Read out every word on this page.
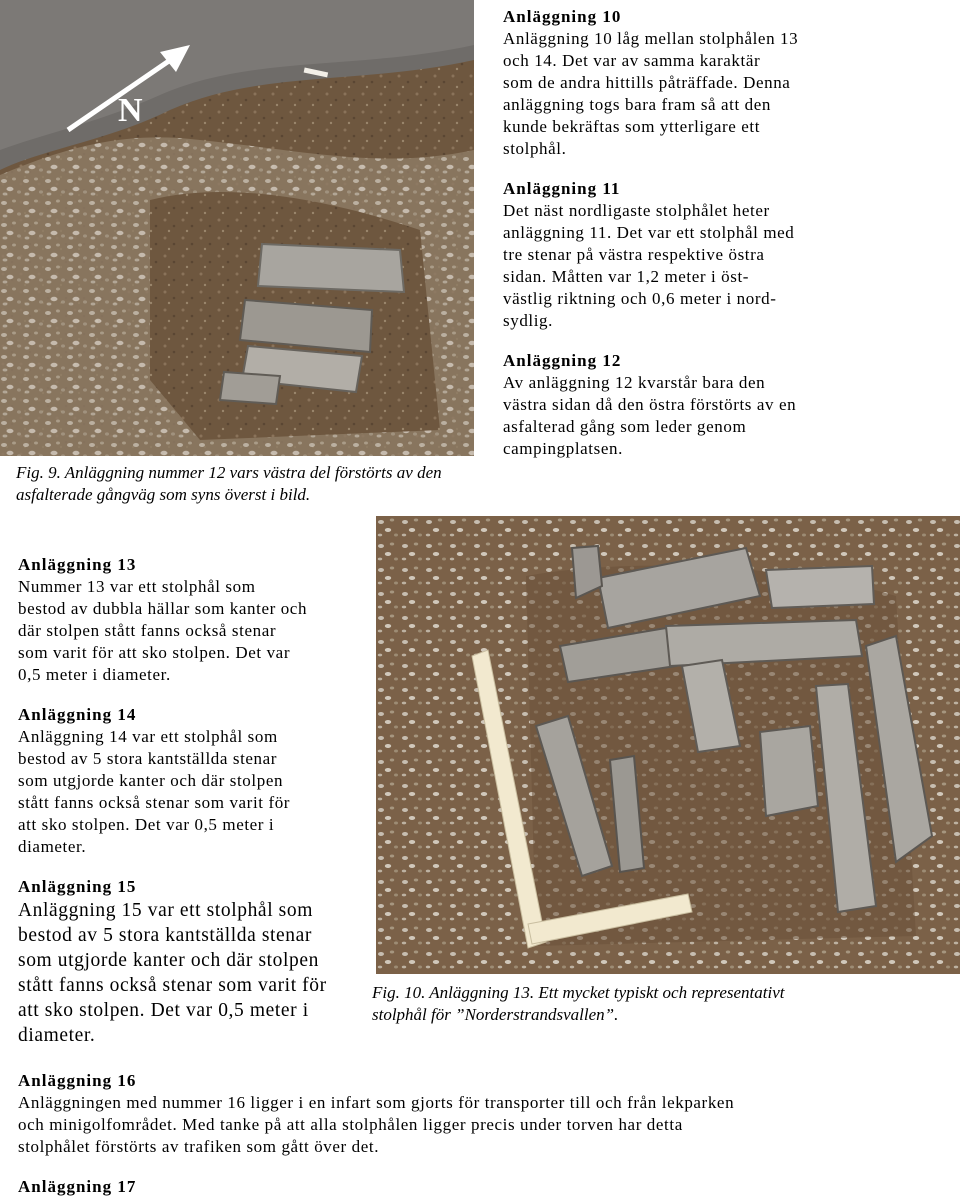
N
Fig. 9. Anläggning nummer 12 vars västra del förstörts av den asfalterade gångväg som syns överst i bild.
Anläggning 10
Anläggning 10 låg mellan stolphålen 13
och 14. Det var av samma karaktär
som de andra hittills påträffade. Denna
anläggning togs bara fram så att den
kunde bekräftas som ytterligare ett
stolphål.
Anläggning 11
Det näst nordligaste stolphålet heter
anläggning 11. Det var ett stolphål med
tre stenar på västra respektive östra
sidan. Måtten var 1,2 meter i öst-
västlig riktning och 0,6 meter i nord-
sydlig.
Anläggning 12
Av anläggning 12 kvarstår bara den
västra sidan då den östra förstörts av en
asfalterad gång som leder genom
campingplatsen.
Fig. 10. Anläggning 13. Ett mycket typiskt och representativt
stolphål för ”Norderstrandsvallen”.
Anläggning 13
Nummer 13 var ett stolphål som
bestod av dubbla hällar som kanter och
där stolpen stått fanns också stenar
som varit för att sko stolpen. Det var
0,5 meter i diameter.
Anläggning 14
Anläggning 14 var ett stolphål som
bestod av 5 stora kantställda stenar
som utgjorde kanter och där stolpen
stått fanns också stenar som varit för
att sko stolpen. Det var 0,5 meter i
diameter.
Anläggning 15
Anläggning 15 var ett stolphål som
bestod av 5 stora kantställda stenar
som utgjorde kanter och där stolpen
stått fanns också stenar som varit för
att sko stolpen. Det var 0,5 meter i
diameter.
Anläggning 16
Anläggningen med nummer 16 ligger i en infart som gjorts för transporter till och från lekparken
och minigolfområdet. Med tanke på att alla stolphålen ligger precis under torven har detta
stolphålet förstörts av trafiken som gått över det.
Anläggning 17
